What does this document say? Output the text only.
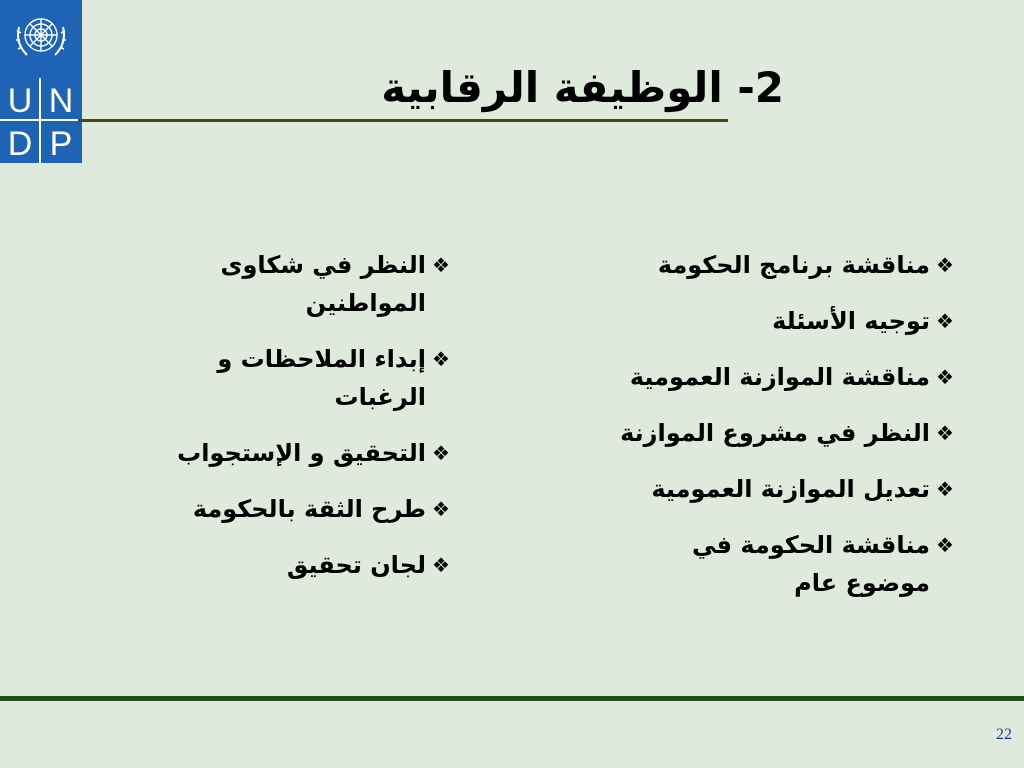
U N
D P
2- الوظيفة الرقابية
❖
مناقشة برنامج الحكومة
❖
توجيه الأسئلة
❖
مناقشة الموازنة العمومية
❖
النظر في مشروع الموازنة
❖
تعديل الموازنة العمومية
❖
مناقشة الحكومة في موضوع عام
❖
النظر في شكاوى المواطنين
❖
إبداء الملاحظات و الرغبات
❖
التحقيق و الإستجواب
❖
طرح الثقة بالحكومة
❖
لجان تحقيق
22
